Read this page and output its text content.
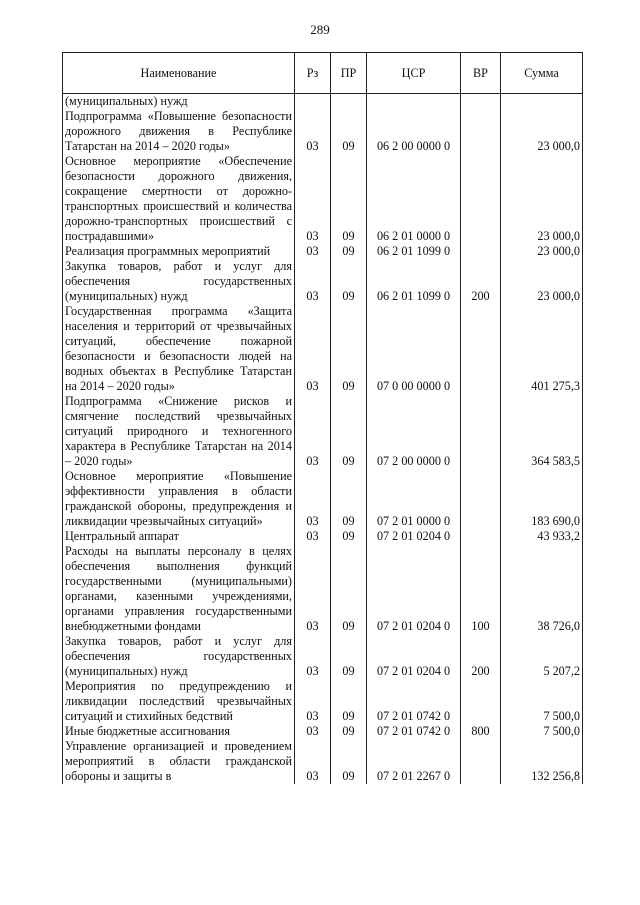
289
Наименование	Рз	ПР	ЦСР	ВР	Сумма
(муниципальных) нужд					
Подпрограмма «Повышение безопасности дорожного движения в Республике Татарстан на 2014 – 2020 годы»	03	09	06 2 00 0000 0		23 000,0
Основное мероприятие «Обеспечение безопасности дорожного движения, сокращение смертности от дорожно-транспортных происшествий и количества дорожно-транспортных происшествий с пострадавшими»	03	09	06 2 01 0000 0		23 000,0
Реализация программных мероприятий	03	09	06 2 01 1099 0		23 000,0
Закупка товаров, работ и услуг для обеспечения государственных (муниципальных) нужд	03	09	06 2 01 1099 0	200	23 000,0
Государственная программа «Защита населения и территорий от чрезвычайных ситуаций, обеспечение пожарной безопасности и безопасности людей на водных объектах в Республике Татарстан на 2014 – 2020 годы»	03	09	07 0 00 0000 0		401 275,3
Подпрограмма «Снижение рисков и смягчение последствий чрезвычайных ситуаций природного и техногенного характера в Республике Татарстан на 2014 – 2020 годы»	03	09	07 2 00 0000 0		364 583,5
Основное мероприятие «Повышение эффективности управления в области гражданской обороны, предупреждения и ликвидации чрезвычайных ситуаций»	03	09	07 2 01 0000 0		183 690,0
Центральный аппарат	03	09	07 2 01 0204 0		43 933,2
Расходы на выплаты персоналу в целях обеспечения выполнения функций государственными (муниципальными) органами, казенными учреждениями, органами управления государственными внебюджетными фондами	03	09	07 2 01 0204 0	100	38 726,0
Закупка товаров, работ и услуг для обеспечения государственных (муниципальных) нужд	03	09	07 2 01 0204 0	200	5 207,2
Мероприятия по предупреждению и ликвидации последствий чрезвычайных ситуаций и стихийных бедствий	03	09	07 2 01 0742 0		7 500,0
Иные бюджетные ассигнования	03	09	07 2 01 0742 0	800	7 500,0
Управление организацией и проведением мероприятий в области гражданской обороны и защиты в	03	09	07 2 01 2267 0		132 256,8
